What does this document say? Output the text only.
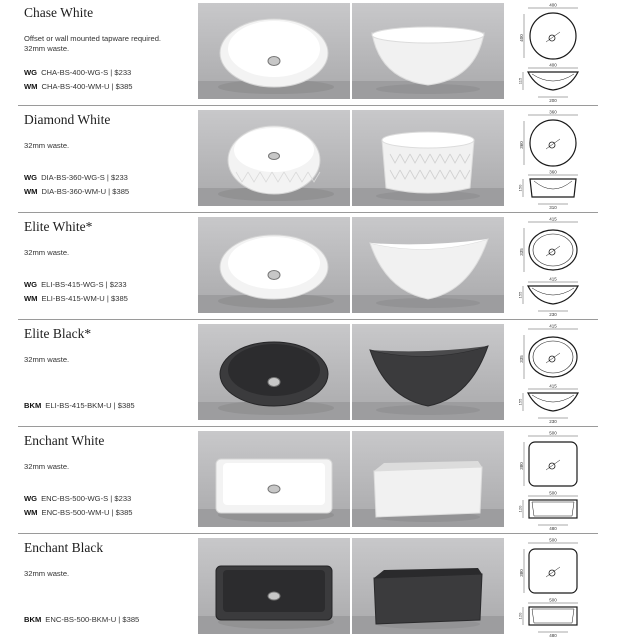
Chase White
Offset or wall mounted tapware required.
32mm waste.
WG CHA-BS-400-WG-S | $233
WM CHA-BS-400-WM-U | $385
400
400
400
115
200
Diamond White
32mm waste.
WG DIA-BS-360-WG-S | $233
WM DIA-BS-360-WM-U | $385
360
360
360
150
310
Elite White*
32mm waste.
WG ELI-BS-415-WG-S | $233
WM ELI-BS-415-WM-U | $385
415
335
415
155
230
Elite Black*
32mm waste.
BKM ELI-BS-415-BKM-U | $385
415
335
415
155
230
Enchant White
32mm waste.
WG ENC-BS-500-WG-S | $233
WM ENC-BS-500-WM-U | $385
500
380
500
120
480
Enchant Black
32mm waste.
BKM ENC-BS-500-BKM-U | $385
500
380
500
120
480
